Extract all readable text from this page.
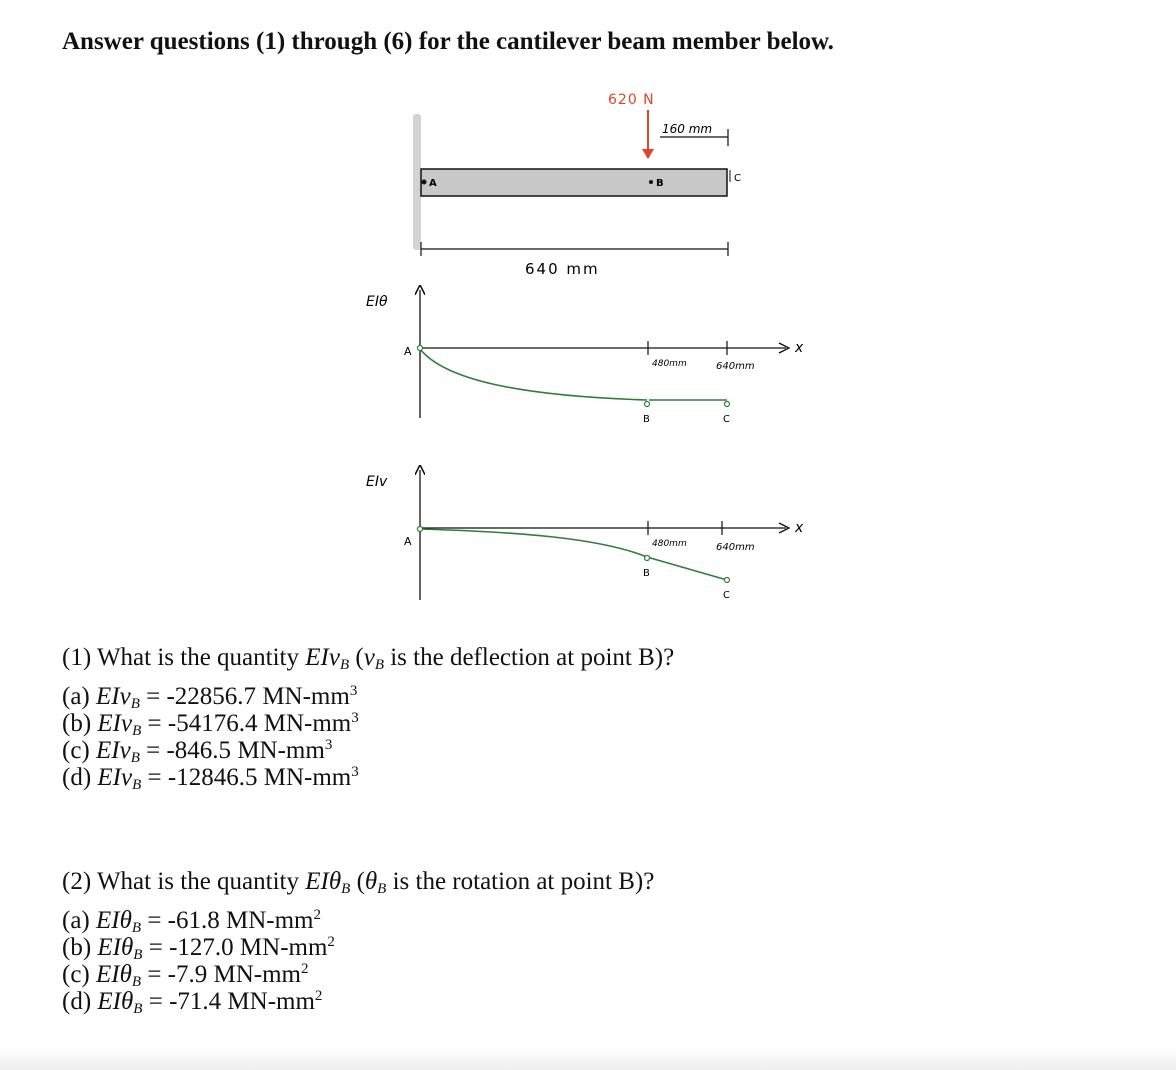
Answer questions (1) through (6) for the cantilever beam member below.
A	B	C
620 N
160 mm
640 mm
EIθ
x
A
480mm	640mm
B	C
EIv
x
A	480mm	640mm
B
C
(1) What is the quantity EIv$_B$ ($v_B$ is the deflection at point B)?
(a) EIv$_B$ = -22856.7 $MN-mm^3$
(b) EIv$_B$ = -54176.4 $MN-mm^3$
(c) EIv$_B$ = -846.5 $MN-mm^3$
(d) EIv$_B$ = -12846.5 $MN-mm^3$
(2) What is the quantity EIθ$_B$ ($\theta_B$ is the rotation at point B)?
(a) EIθ$_B$ = -61.8 $MN-mm^2$
(b) EIθ$_B$ = -127.0 $MN-mm^2$
(c) EIθ$_B$ = -7.9 $MN-mm^2$
(d) EIθ$_B$ = -71.4 $MN-mm^2$
